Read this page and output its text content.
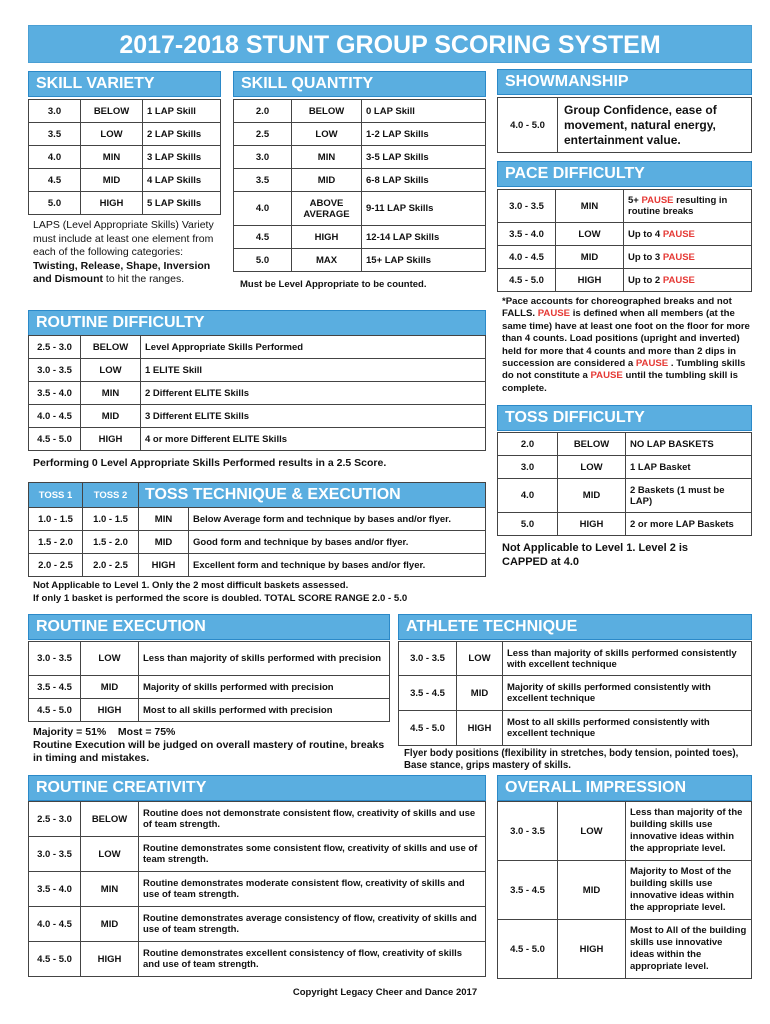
2017-2018 STUNT GROUP SCORING SYSTEM
SKILL VARIETY
3.0	BELOW	1 LAP Skill
3.5	LOW	2 LAP Skills
4.0	MIN	3 LAP Skills
4.5	MID	4 LAP Skills
5.0	HIGH	5 LAP Skills
LAPS (Level Appropriate Skills) Variety must include at least one element from each of the following categories: Twisting, Release, Shape, Inversion and Dismount to hit the ranges.
SKILL QUANTITY
2.0	BELOW	0 LAP Skill
2.5	LOW	1-2 LAP Skills
3.0	MIN	3-5 LAP Skills
3.5	MID	6-8 LAP Skills
4.0	ABOVE AVERAGE	9-11 LAP Skills
4.5	HIGH	12-14 LAP Skills
5.0	MAX	15+ LAP Skills
Must be Level Appropriate to be counted.
SHOWMANSHIP
4.0 - 5.0	Group Confidence, ease of movement, natural energy, entertainment value.
PACE DIFFICULTY
3.0 - 3.5	MIN	5+ PAUSE resulting in routine breaks
3.5 - 4.0	LOW	Up to 4 PAUSE
4.0 - 4.5	MID	Up to 3 PAUSE
4.5 - 5.0	HIGH	Up to 2 PAUSE
*Pace accounts for choreographed breaks and not FALLS. PAUSE is defined when all members (at the same time) have at least one foot on the floor for more than 4 counts. Load positions (upright and inverted) held for more that 4 counts and more than 2 dips in succession are considered a PAUSE . Tumbling skills do not constitute a PAUSE until the tumbling skill is complete.
ROUTINE DIFFICULTY
2.5 - 3.0	BELOW	Level Appropriate Skills Performed
3.0 - 3.5	LOW	1 ELITE Skill
3.5 - 4.0	MIN	2 Different ELITE Skills
4.0 - 4.5	MID	3 Different ELITE Skills
4.5 - 5.0	HIGH	4 or more Different ELITE Skills
Performing 0 Level Appropriate Skills Performed results in a 2.5 Score.
TOSS DIFFICULTY
2.0	BELOW	NO LAP BASKETS
3.0	LOW	1 LAP Basket
4.0	MID	2 Baskets (1 must be LAP)
5.0	HIGH	2 or more LAP Baskets
Not Applicable to Level 1. Level 2 is CAPPED at 4.0
TOSS 1	TOSS 2	TOSS TECHNIQUE & EXECUTION	
1.0 - 1.5	1.0 - 1.5	MIN	Below Average form and technique by bases and/or flyer.
1.5 - 2.0	1.5 - 2.0	MID	Good form and technique by bases and/or flyer.
2.0 - 2.5	2.0 - 2.5	HIGH	Excellent form and technique by bases and/or flyer.
Not Applicable to Level 1. Only the 2 most difficult baskets assessed.
If only 1 basket is performed the score is doubled. TOTAL SCORE RANGE 2.0 - 5.0
ROUTINE EXECUTION
3.0 - 3.5	LOW	Less than majority of skills performed with precision
3.5 - 4.5	MID	Majority of skills performed with precision
4.5 - 5.0	HIGH	Most to all skills performed with precision
Majority = 51%    Most = 75%
Routine Execution will be judged on overall mastery of routine, breaks in timing and mistakes.
ATHLETE TECHNIQUE
3.0 - 3.5	LOW	Less than majority of skills performed consistently with excellent technique
3.5 - 4.5	MID	Majority of skills performed consistently with excellent technique
4.5 - 5.0	HIGH	Most to all skills performed consistently with excellent technique
Flyer body positions (flexibility in stretches, body tension, pointed toes), Base stance, grips mastery of skills.
ROUTINE CREATIVITY
2.5 - 3.0	BELOW	Routine does not demonstrate consistent flow, creativity of skills and use of team strength.
3.0 - 3.5	LOW	Routine demonstrates some consistent flow, creativity of skills and use of team strength.
3.5 - 4.0	MIN	Routine demonstrates moderate consistent flow, creativity of skills and use of team strength.
4.0 - 4.5	MID	Routine demonstrates average consistency of flow, creativity of skills and use of team strength.
4.5 - 5.0	HIGH	Routine demonstrates excellent consistency of flow, creativity of skills and use of team strength.
OVERALL IMPRESSION
3.0 - 3.5	LOW	Less than majority of the building skills use innovative ideas within the appropriate level.
3.5 - 4.5	MID	Majority to Most of the building skills use innovative ideas within the appropriate level.
4.5 - 5.0	HIGH	Most to All of the building skills use innovative ideas within the appropriate level.
Copyright Legacy Cheer and Dance 2017
